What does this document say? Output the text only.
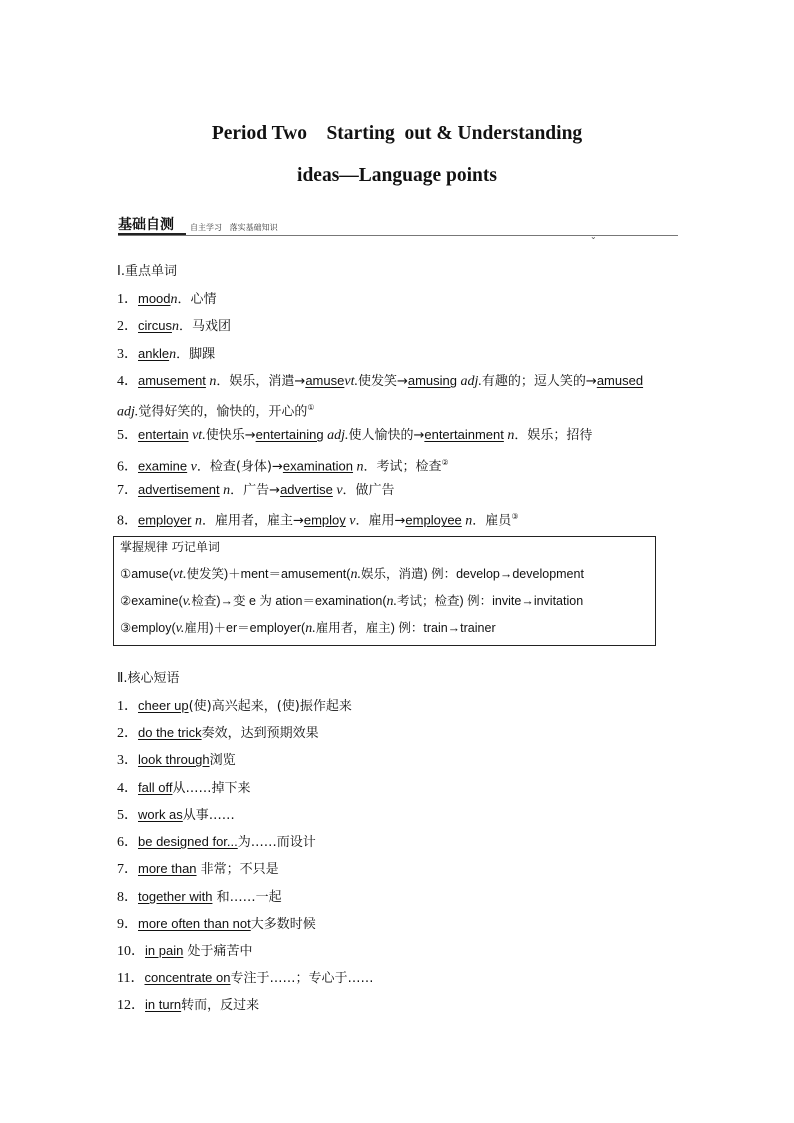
Period Two    Starting  out & Understanding
ideas—Language points
基础自测 自主学习   落实基础知识
⌄
Ⅰ.重点单词
1．moodn．心情
2．circusn．马戏团
3．anklen．脚踝
4．amusement n．娱乐，消遣→amusevt.使发笑→amusing adj.有趣的；逗人笑的→amused
adj.觉得好笑的，愉快的，开心的①
5．entertain vt.使快乐→entertaining adj.使人愉快的→entertainment n．娱乐；招待
6．examine v．检查(身体)→examination n．考试；检查②
7．advertisement n．广告→advertise v．做广告
8．employer n．雇用者，雇主→employ v．雇用→employee n．雇员③
掌握规律 巧记单词
①amuse(vt.使发笑)＋ment＝amusement(n.娱乐，消遣) 例：develop→development
②examine(v.检查)→变 e 为 ation＝examination(n.考试；检查) 例：invite→invitation
③employ(v.雇用)＋er＝employer(n.雇用者，雇主) 例：train→trainer
Ⅱ.核心短语
1．cheer up(使)高兴起来，(使)振作起来
2．do the trick奏效，达到预期效果
3．look through浏览
4．fall off从……掉下来
5．work as从事……
6．be designed for...为……而设计
7．more than 非常；不只是
8．together with 和……一起
9．more often than not大多数时候
10．in pain 处于痛苦中
11．concentrate on专注于……；专心于……
12．in turn转而，反过来
